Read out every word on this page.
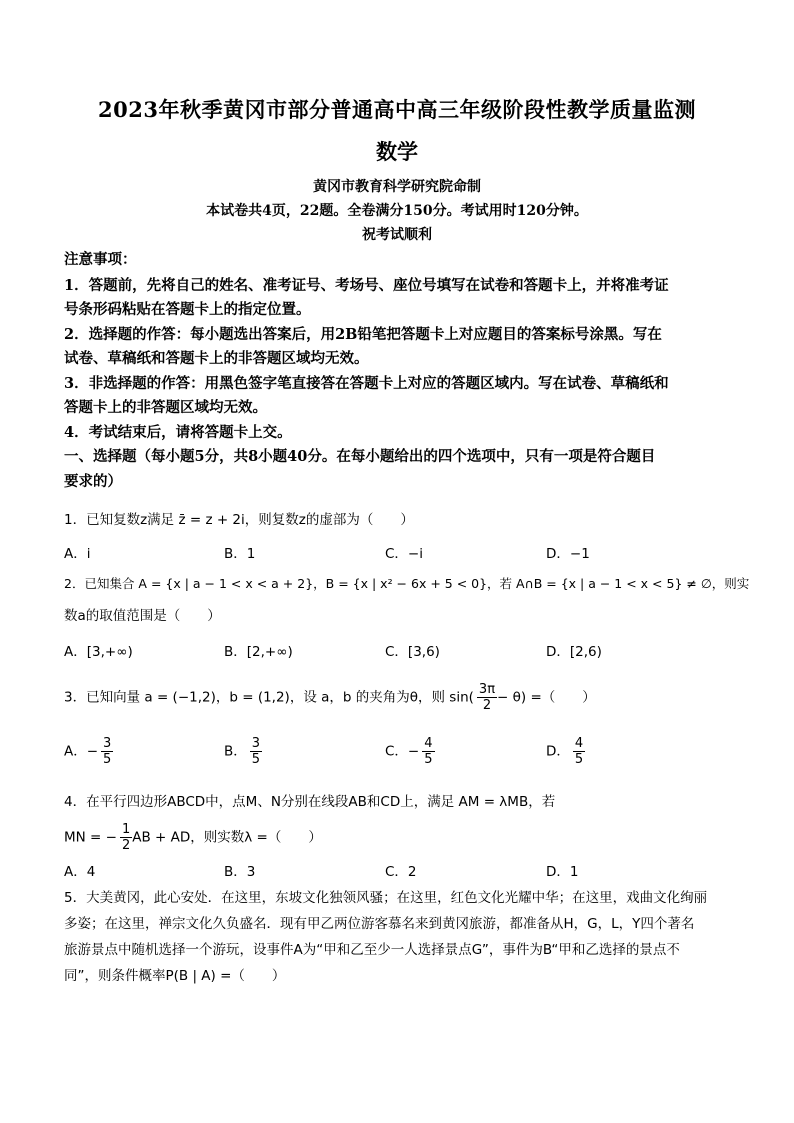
2023年秋季黄冈市部分普通高中高三年级阶段性教学质量监测
数学
黄冈市教育科学研究院命制
本试卷共4页，22题。全卷满分150分。考试用时120分钟。
祝考试顺利
注意事项：
1．答题前，先将自己的姓名、准考证号、考场号、座位号填写在试卷和答题卡上，并将准考证
号条形码粘贴在答题卡上的指定位置。
2．选择题的作答：每小题选出答案后，用2B铅笔把答题卡上对应题目的答案标号涂黑。写在
试卷、草稿纸和答题卡上的非答题区域均无效。
3．非选择题的作答：用黑色签字笔直接答在答题卡上对应的答题区域内。写在试卷、草稿纸和
答题卡上的非答题区域均无效。
4．考试结束后，请将答题卡上交。
一、选择题（每小题5分，共8小题40分。在每小题给出的四个选项中，只有一项是符合题目
要求的）
1．已知复数z满足 z̄ = z + 2i，则复数z的虚部为（　　）
A．i	B．1	C．−i	D．−1
2．已知集合 A = {x | a − 1 < x < a + 2}，B = {x | x² − 6x + 5 < 0}，若 A∩B = {x | a − 1 < x < 5} ≠ ∅，则实
数a的取值范围是（　　）
A．[3,+∞)	B．[2,+∞)	C．[3,6)	D．[2,6)
3．已知向量 a = (−1,2)，b = (1,2)，设 a，b 的夹角为θ，则 $\sin( \frac{3\pi}{2} - \theta)$ =（　　）
A．− $\frac{3}{5}$	B． $\frac{3}{5}$	C．− $\frac{4}{5}$	D． $\frac{4}{5}$
4．在平行四边形ABCD中，点M、N分别在线段AB和CD上，满足 AM = λMB，若
MN = − $\frac{1}{2}$ AB + AD，则实数λ =（　　）
A．4	B．3	C．2	D．1
5．大美黄冈，此心安处．在这里，东坡文化独领风骚；在这里，红色文化光耀中华；在这里，戏曲文化绚丽
多姿；在这里，禅宗文化久负盛名．现有甲乙两位游客慕名来到黄冈旅游，都准备从H，G，L，Y四个著名
旅游景点中随机选择一个游玩，设事件A为“甲和乙至少一人选择景点G”，事件为B“甲和乙选择的景点不
同”，则条件概率P(B | A) =（　　）
